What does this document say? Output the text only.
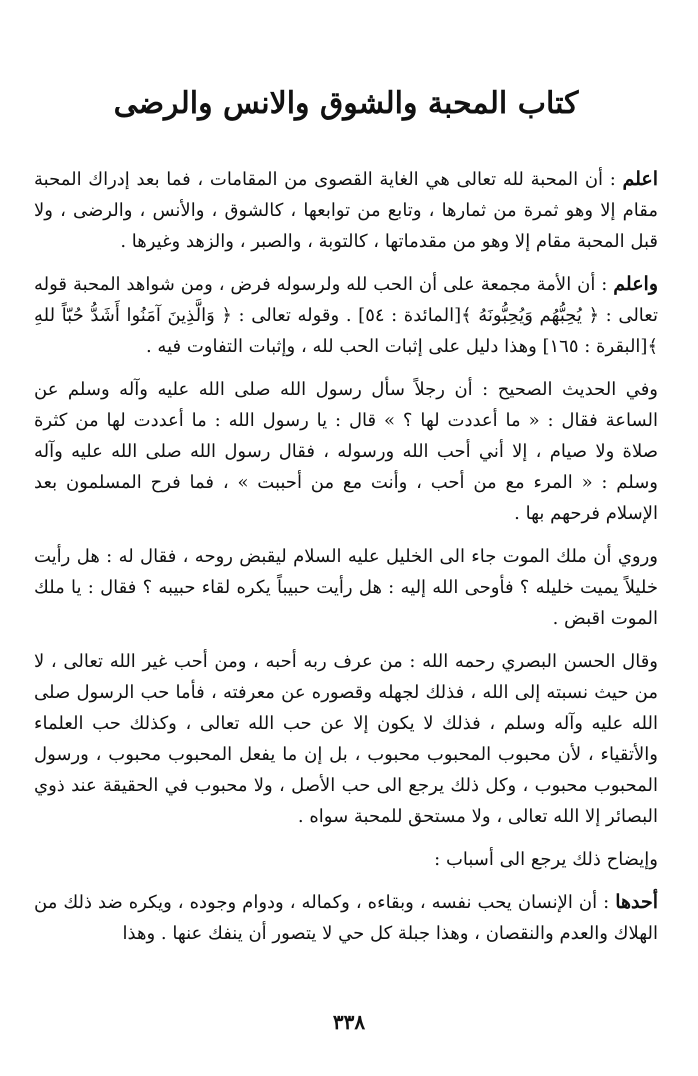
كتاب المحبة والشوق والانس والرضى

اعلم : أن المحبة لله تعالى هي الغاية القصوى من المقامات ، فما بعد إدراك المحبة مقام إلا وهو ثمرة من ثمارها ، وتابع من توابعها ، كالشوق ، والأنس ، والرضى ، ولا قبل المحبة مقام إلا وهو من مقدماتها ، كالتوبة ، والصبر ، والزهد وغيرها .

واعلم : أن الأمة مجمعة على أن الحب لله ولرسوله فرض ، ومن شواهد المحبة قوله تعالى : ﴿ يُحِبُّهُم وَيُحِبُّونَهُ ﴾[المائدة : ٥٤] . وقوله تعالى : ﴿ وَالَّذِينَ آمَنُوا أَشَدُّ حُبّاً للهِ ﴾[البقرة : ١٦٥] وهذا دليل على إثبات الحب لله ، وإثبات التفاوت فيه .

وفي الحديث الصحيح : أن رجلاً سأل رسول الله صلى الله عليه وآله وسلم عن الساعة فقال : « ما أعددت لها ؟ » قال : يا رسول الله : ما أعددت لها من كثرة صلاة ولا صيام ، إلا أني أحب الله ورسوله ، فقال رسول الله صلى الله عليه وآله وسلم : « المرء مع من أحب ، وأنت مع من أحببت » ، فما فرح المسلمون بعد الإسلام فرحهم بها .

وروي أن ملك الموت جاء الى الخليل عليه السلام ليقبض روحه ، فقال له : هل رأيت خليلاً يميت خليله ؟ فأوحى الله إليه : هل رأيت حبيباً يكره لقاء حبيبه ؟ فقال : يا ملك الموت اقبض .

وقال الحسن البصري رحمه الله : من عرف ربه أحبه ، ومن أحب غير الله تعالى ، لا من حيث نسبته إلى الله ، فذلك لجهله وقصوره عن معرفته ، فأما حب الرسول صلى الله عليه وآله وسلم ، فذلك لا يكون إلا عن حب الله تعالى ، وكذلك حب العلماء والأتقياء ، لأن محبوب المحبوب محبوب ، بل إن ما يفعل المحبوب محبوب ، ورسول المحبوب محبوب ، وكل ذلك يرجع الى حب الأصل ، ولا محبوب في الحقيقة عند ذوي البصائر إلا الله تعالى ، ولا مستحق للمحبة سواه .

وإيضاح ذلك يرجع الى أسباب :

أحدها : أن الإنسان يحب نفسه ، وبقاءه ، وكماله ، ودوام وجوده ، ويكره ضد ذلك من الهلاك والعدم والنقصان ، وهذا جبلة كل حي لا يتصور أن ينفك عنها . وهذا

٣٣٨
